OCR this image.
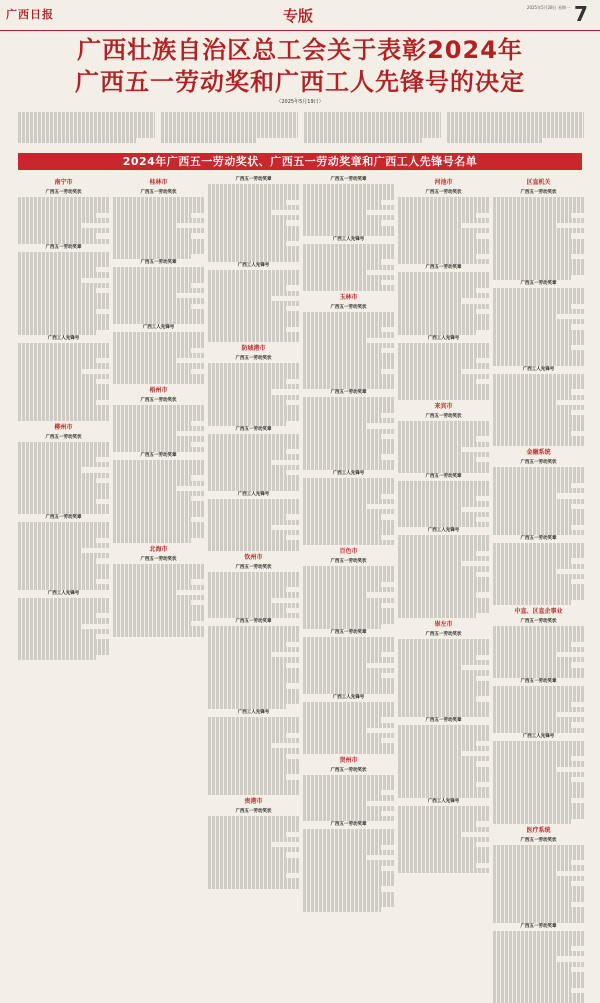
广西日报	专版	2025年5月28日 星期一 7
广西壮族自治区总工会关于表彰2024年
广西五一劳动奖和广西工人先锋号的决定
（2025年5月19日）
2024年广西五一劳动奖状、广西五一劳动奖章和广西工人先锋号名单
南宁市
广西五一劳动奖状
广西五一劳动奖章
广西工人先锋号
柳州市
广西五一劳动奖状
广西五一劳动奖章
广西工人先锋号
桂林市
广西五一劳动奖状
广西五一劳动奖章
广西工人先锋号
梧州市
广西五一劳动奖状
广西五一劳动奖章
北海市
广西五一劳动奖状
广西五一劳动奖章
广西工人先锋号
防城港市
广西五一劳动奖状
广西五一劳动奖章
广西工人先锋号
钦州市
广西五一劳动奖状
广西五一劳动奖章
广西工人先锋号
贵港市
广西五一劳动奖状
广西五一劳动奖章
广西工人先锋号
玉林市
广西五一劳动奖状
广西五一劳动奖章
广西工人先锋号
百色市
广西五一劳动奖状
广西五一劳动奖章
广西工人先锋号
贺州市
广西五一劳动奖状
广西五一劳动奖章
河池市
广西五一劳动奖状
广西五一劳动奖章
广西工人先锋号
来宾市
广西五一劳动奖状
广西五一劳动奖章
广西工人先锋号
崇左市
广西五一劳动奖状
广西五一劳动奖章
广西工人先锋号
区直机关
广西五一劳动奖状
广西五一劳动奖章
广西工人先锋号
金融系统
广西五一劳动奖状
广西五一劳动奖章
中直、区直企事业
广西五一劳动奖状
广西五一劳动奖章
广西工人先锋号
医疗系统
广西五一劳动奖状
广西五一劳动奖章
